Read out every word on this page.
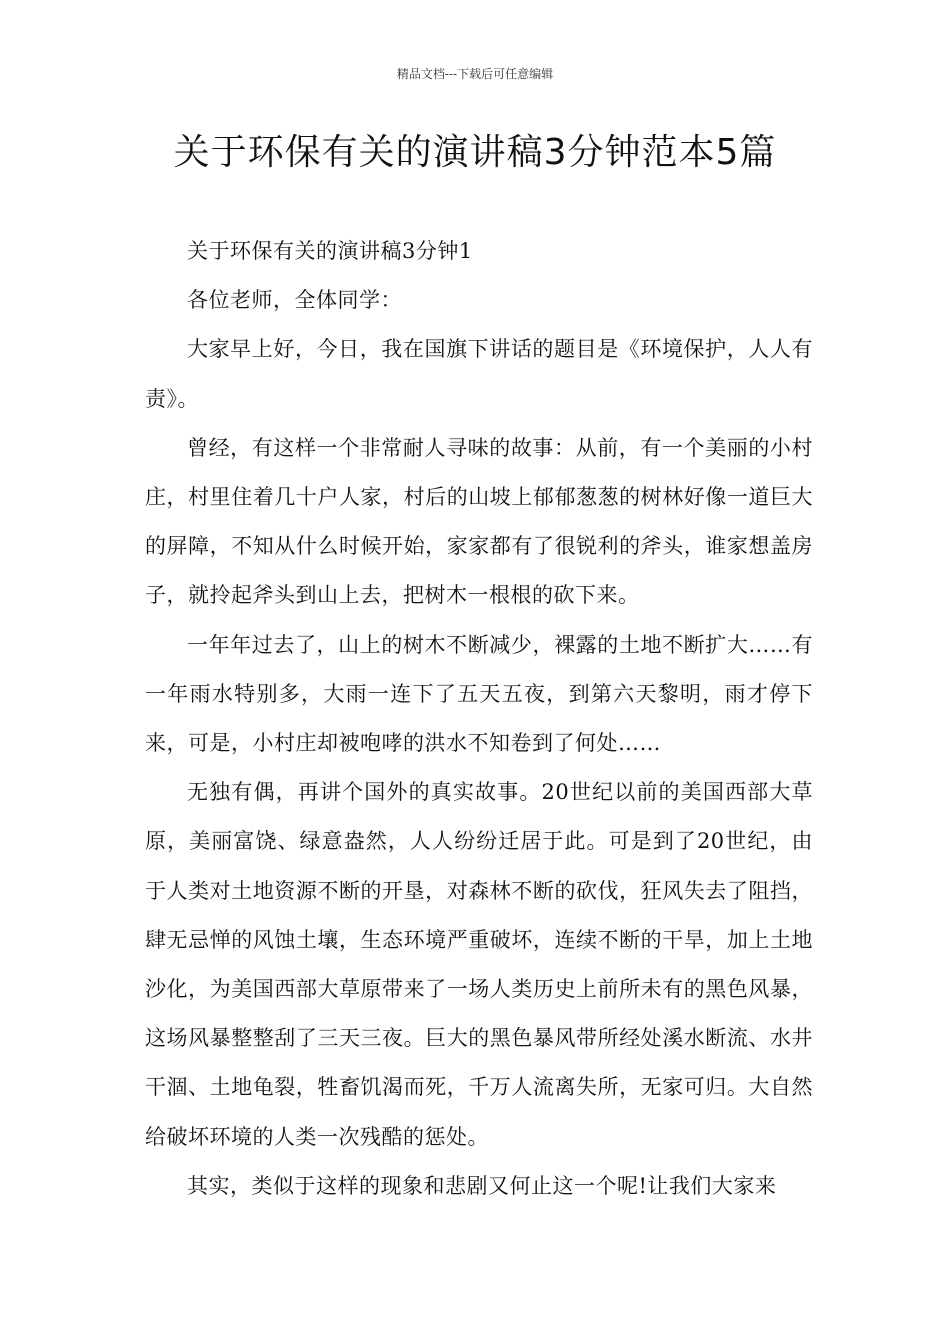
精品文档---下载后可任意编辑
关于环保有关的演讲稿3分钟范本5篇

关于环保有关的演讲稿3分钟1

各位老师，全体同学：

大家早上好，今日，我在国旗下讲话的题目是《环境保护，人人有责》。

曾经，有这样一个非常耐人寻味的故事：从前，有一个美丽的小村庄，村里住着几十户人家，村后的山坡上郁郁葱葱的树林好像一道巨大的屏障，不知从什么时候开始，家家都有了很锐利的斧头，谁家想盖房子，就拎起斧头到山上去，把树木一根根的砍下来。

一年年过去了，山上的树木不断减少，裸露的土地不断扩大……有一年雨水特别多，大雨一连下了五天五夜，到第六天黎明，雨才停下来，可是，小村庄却被咆哮的洪水不知卷到了何处……

无独有偶，再讲个国外的真实故事。20世纪以前的美国西部大草原，美丽富饶、绿意盎然，人人纷纷迁居于此。可是到了20世纪，由于人类对土地资源不断的开垦，对森林不断的砍伐，狂风失去了阻挡，肆无忌惮的风蚀土壤，生态环境严重破坏，连续不断的干旱，加上土地沙化，为美国西部大草原带来了一场人类历史上前所未有的黑色风暴，这场风暴整整刮了三天三夜。巨大的黑色暴风带所经处溪水断流、水井干涸、土地龟裂，牲畜饥渴而死，千万人流离失所，无家可归。大自然给破坏环境的人类一次残酷的惩处。

其实，类似于这样的现象和悲剧又何止这一个呢!让我们大家来
